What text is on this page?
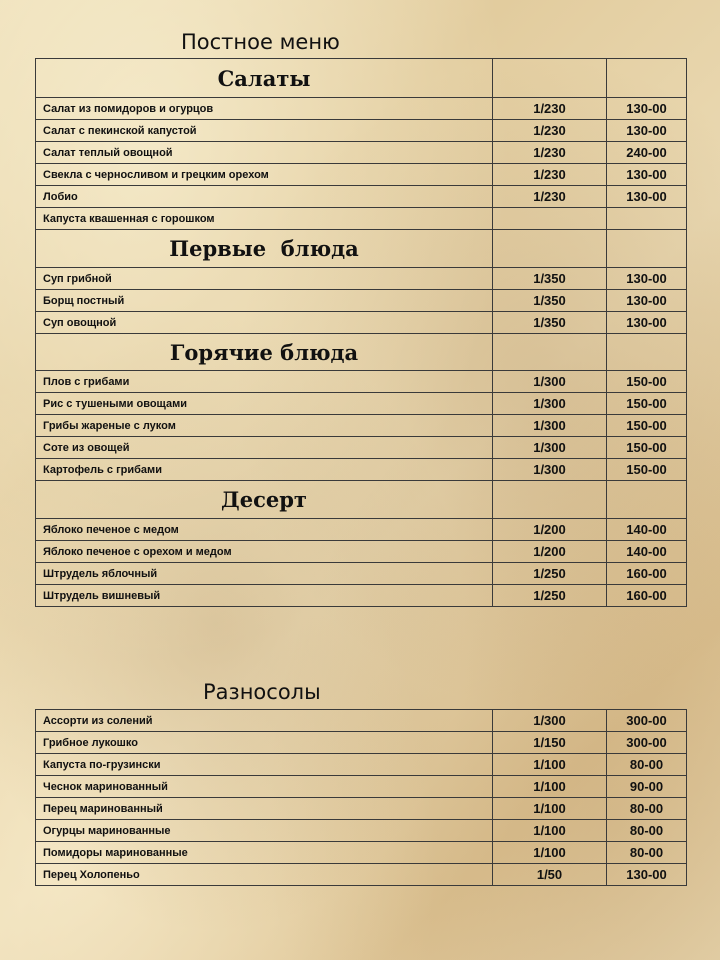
Постное меню
Салаты		
Салат из помидоров и огурцов	1/230	130-00
Салат с пекинской капустой	1/230	130-00
Салат теплый овощной	1/230	240-00
Свекла с черносливом и грецким орехом	1/230	130-00
Лобио	1/230	130-00
Капуста квашенная с горошком		
Первые  блюда		
Суп грибной	1/350	130-00
Борщ постный	1/350	130-00
Суп овощной	1/350	130-00
Горячие блюда		
Плов с грибами	1/300	150-00
Рис с тушеными овощами	1/300	150-00
Грибы жареные с луком	1/300	150-00
Соте из овощей	1/300	150-00
Картофель с грибами	1/300	150-00
Десерт		
Яблоко печеное с медом	1/200	140-00
Яблоко печеное с орехом и медом	1/200	140-00
Штрудель яблочный	1/250	160-00
Штрудель вишневый	1/250	160-00
Разносолы
Ассорти из солений	1/300	300-00
Грибное лукошко	1/150	300-00
Капуста по-грузински	1/100	80-00
Чеснок маринованный	1/100	90-00
Перец маринованный	1/100	80-00
Огурцы маринованные	1/100	80-00
Помидоры маринованные	1/100	80-00
Перец Холопеньо	1/50	130-00
